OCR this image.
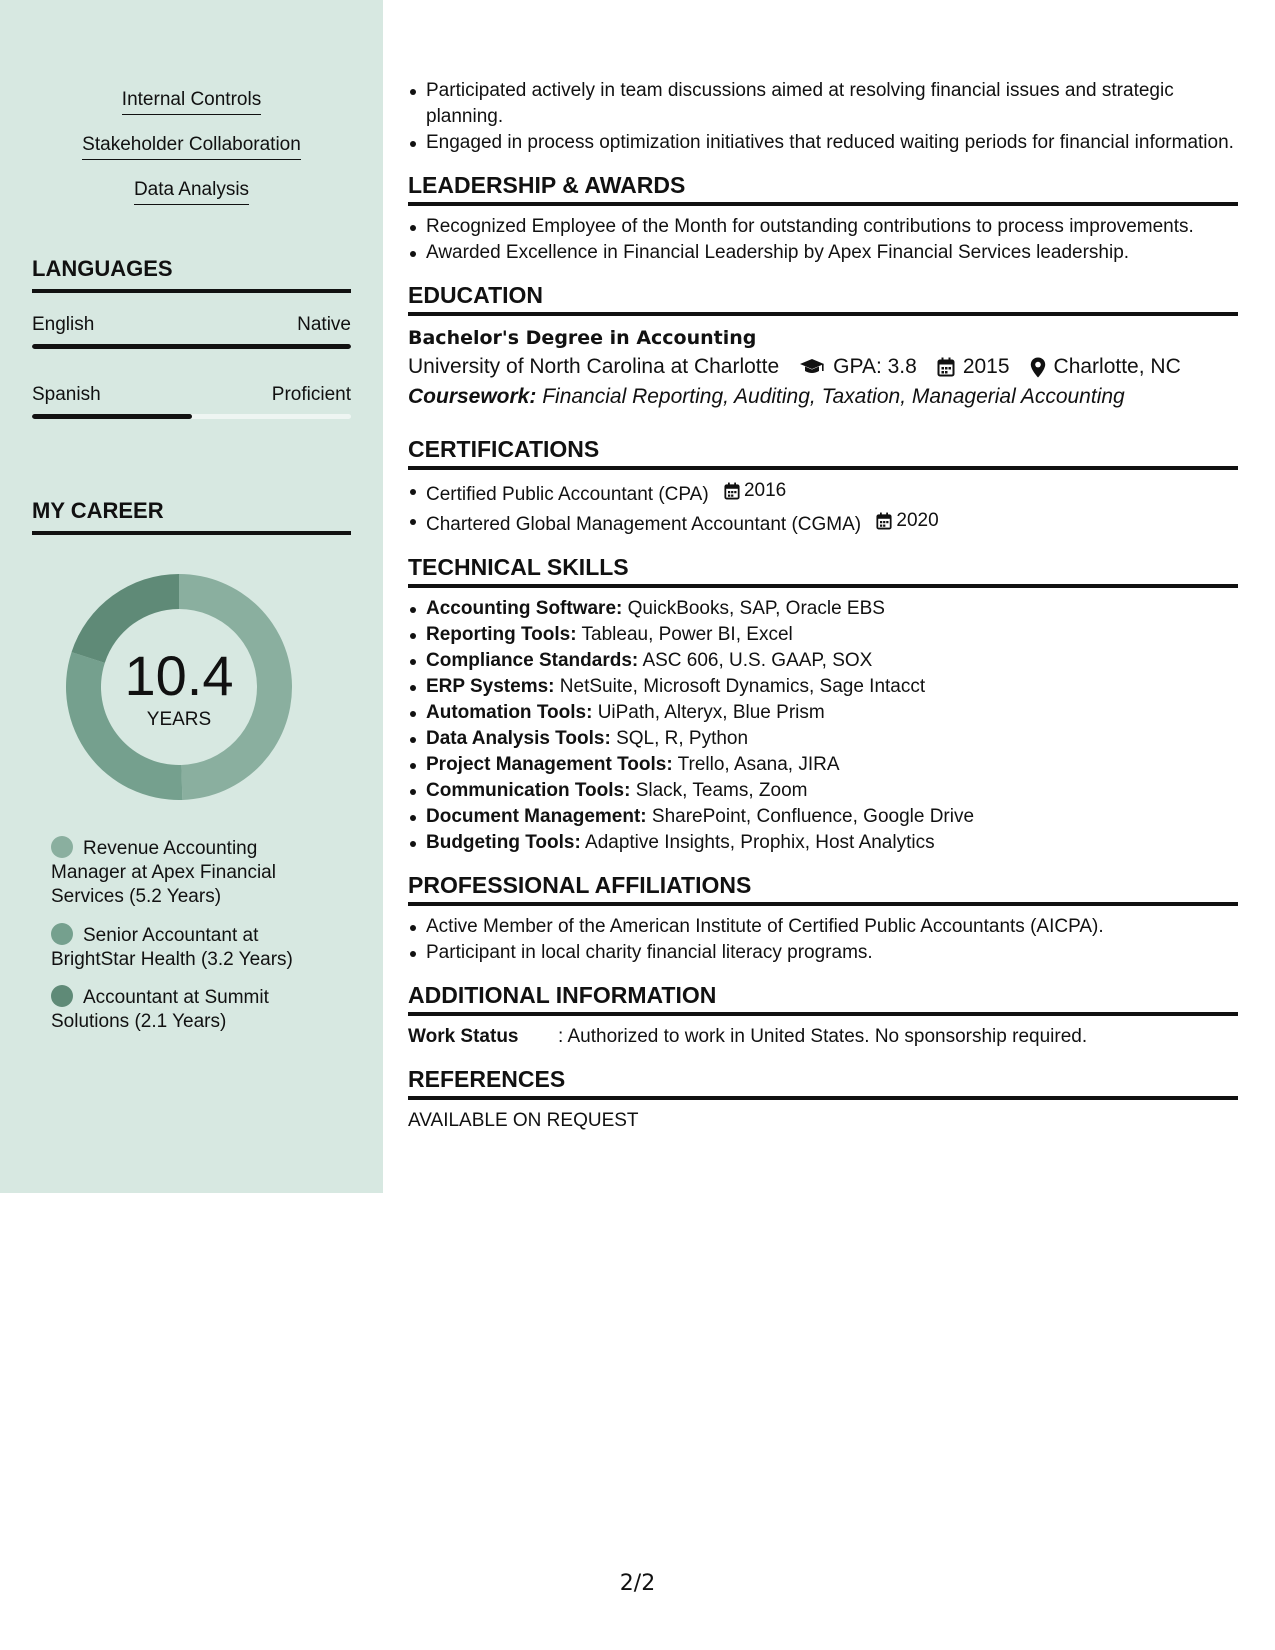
Internal Controls
Stakeholder Collaboration
Data Analysis
LANGUAGES
English	Native
Spanish	Proficient
MY CAREER
10.4
YEARS
Revenue Accounting Manager at Apex Financial Services (5.2 Years)
Senior Accountant at BrightStar Health (3.2 Years)
Accountant at Summit Solutions (2.1 Years)
Participated actively in team discussions aimed at resolving financial issues and strategic planning.
Engaged in process optimization initiatives that reduced waiting periods for financial information.
LEADERSHIP & AWARDS
Recognized Employee of the Month for outstanding contributions to process improvements.
Awarded Excellence in Financial Leadership by Apex Financial Services leadership.
EDUCATION
Bachelor's Degree in Accounting
University of North Carolina at Charlotte	GPA: 3.8 2015 Charlotte, NC
Coursework: Financial Reporting, Auditing, Taxation, Managerial Accounting
CERTIFICATIONS
Certified Public Accountant (CPA) 2016
Chartered Global Management Accountant (CGMA) 2020
TECHNICAL SKILLS
Accounting Software: QuickBooks, SAP, Oracle EBS
Reporting Tools: Tableau, Power BI, Excel
Compliance Standards: ASC 606, U.S. GAAP, SOX
ERP Systems: NetSuite, Microsoft Dynamics, Sage Intacct
Automation Tools: UiPath, Alteryx, Blue Prism
Data Analysis Tools: SQL, R, Python
Project Management Tools: Trello, Asana, JIRA
Communication Tools: Slack, Teams, Zoom
Document Management: SharePoint, Confluence, Google Drive
Budgeting Tools: Adaptive Insights, Prophix, Host Analytics
PROFESSIONAL AFFILIATIONS
Active Member of the American Institute of Certified Public Accountants (AICPA).
Participant in local charity financial literacy programs.
ADDITIONAL INFORMATION
Work Status	: Authorized to work in United States. No sponsorship required.
REFERENCES
AVAILABLE ON REQUEST
2/2
